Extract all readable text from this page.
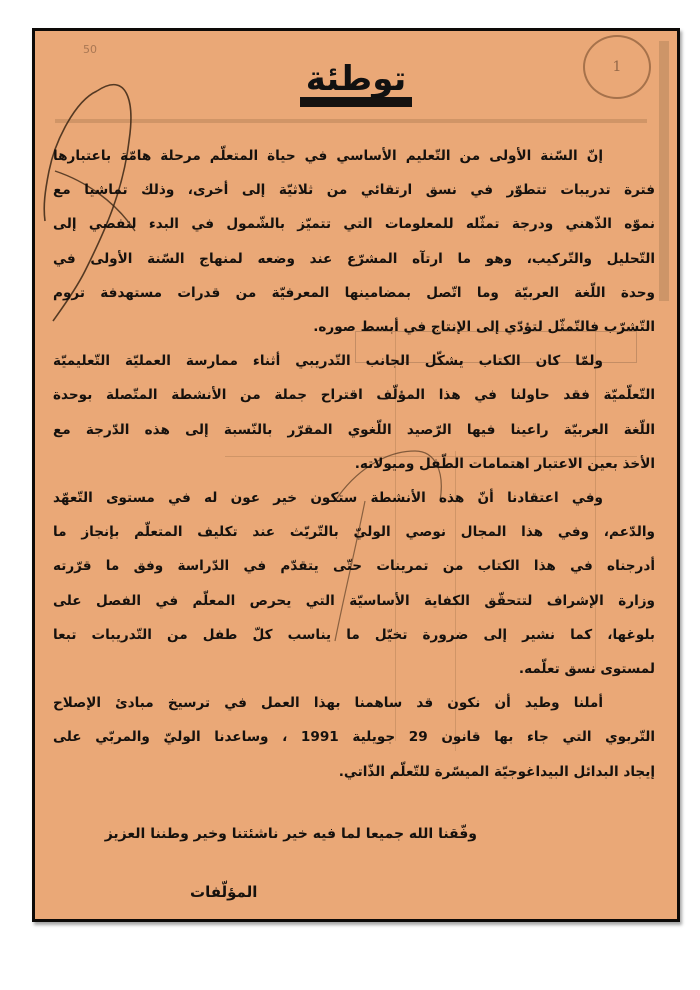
50
1
توطئة

إنّ السّنة الأولى من التّعليم الأساسي في حياة المتعلّم مرحلة هامّة باعتبارها
فترة تدريبات تتطوّر في نسق ارتقائي من ثلاثيّة إلى أخرى، وذلك تماشيا مع
نموّه الذّهني ودرجة تمثّله للمعلومات التي تتميّز بالشّمول في البدء لتفضي إلى
التّحليل والتّركيب، وهو ما ارتآه المشرّع عند وضعه لمنهاج السّنة الأولى في
وحدة اللّغة العربيّة وما اتّصل بمضامينها المعرفيّة من قدرات مستهدفة تروم
التّشرّب فالتّمثّل لتؤدّي إلى الإنتاج في أبسط صوره.

ولمّا كان الكتاب يشكّل الجانب التّدريبي أثناء ممارسة العمليّة التّعليميّة
التّعلّميّة فقد حاولنا في هذا المؤلّف اقتراح جملة من الأنشطة المتّصلة بوحدة
اللّغة العربيّة راعينا فيها الرّصيد اللّغوي المقرّر بالنّسبة إلى هذه الدّرجة مع
الأخذ بعين الاعتبار اهتمامات الطّفل وميولاته.

وفي اعتقادنا أنّ هذه الأنشطة ستكون خير عون له في مستوى التّعهّد
والدّعم، وفي هذا المجال نوصي الوليّ بالتّريّث عند تكليف المتعلّم بإنجاز ما
أدرجناه في هذا الكتاب من تمرينات حتّى يتقدّم في الدّراسة وفق ما قرّرته
وزارة الإشراف لتتحقّق الكفاية الأساسيّة التي يحرص المعلّم في الفصل على
بلوغها، كما نشير إلى ضرورة تخيّل ما يناسب كلّ طفل من التّدريبات تبعا
لمستوى نسق تعلّمه.

أملنا وطيد أن نكون قد ساهمنا بهذا العمل في ترسيخ مبادئ الإصلاح
التّربوي التي جاء بها قانون 29 جويلية 1991 ، وساعدنا الوليّ والمربّي على
إيجاد البدائل البيداغوجيّة الميسّرة للتّعلّم الذّاتي.

وفّقنا الله جميعا لما فيه خير ناشئتنا وخير وطننا العزيز
المؤلّفات
